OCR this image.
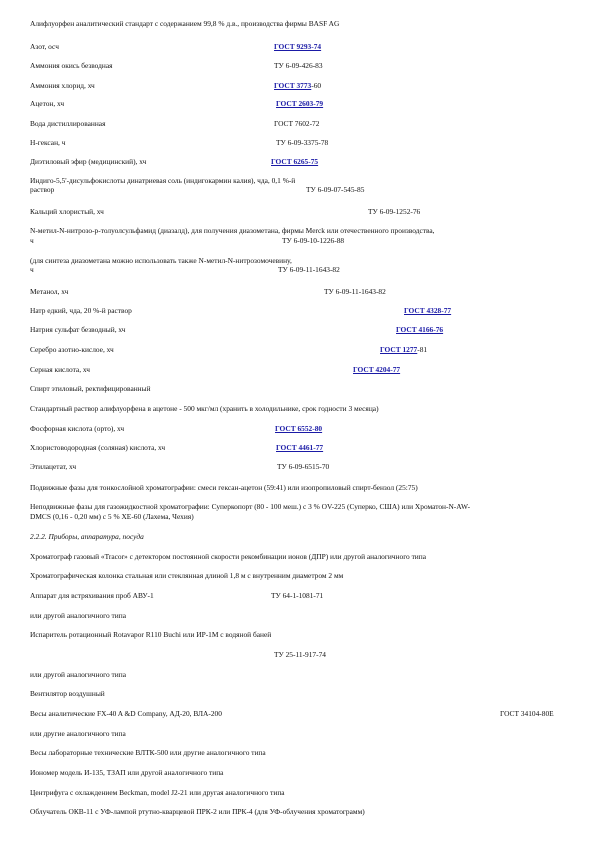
Алифлуорфен аналитический стандарт с содержанием 99,8 % д.в., производства фирмы BASF AG
Азот, осч	ГОСТ 9293-74
Аммония окись безводная	ТУ 6-09-426-83
Аммония хлорид, хч	ГОСТ 3773-60
Ацетон, хч	ГОСТ 2603-79
Вода дистиллированная	ГОСТ 7602-72
Н-гексан, ч	ТУ 6-09-3375-78
Диэтиловый эфир (медицинский), хч	ГОСТ 6265-75
Индиго-5,5'-дисульфокислоты динатриевая соль (индигокармин калия), чда, 0,1 %-й
раствор	ТУ 6-09-07-545-85
Кальций хлористый, хч	ТУ 6-09-1252-76
N-метил-N-нитрозо-p-толуолсульфамид (диазалд), для получения диазометана, фирмы Merck или отечественного производства,
ч	ТУ 6-09-10-1226-88
(для синтеза диазометана можно использовать также N-метил-N-нитрозомочевину,
ч	ТУ 6-09-11-1643-82
Метанол, хч	ТУ 6-09-11-1643-82
Натр едкий, чда, 20 %-й раствор	ГОСТ 4328-77
Натрия сульфат безводный, хч	ГОСТ 4166-76
Серебро азотно-кислое, хч	ГОСТ 1277-81
Серная кислота, хч	ГОСТ 4204-77
Спирт этиловый, ректифицированный
Стандартный раствор алифлуорфена в ацетоне - 500 мкг/мл (хранить в холодильнике, срок годности 3 месяца)
Фосфорная кислота (орто), хч	ГОСТ 6552-80
Хлористоводородная (соляная) кислота, хч	ГОСТ 4461-77
Этилацетат, хч	ТУ 6-09-6515-70
Подвижные фазы для тонкослойной хроматографии: смеси гексан-ацетон (59:41) или изопропиловый спирт-бензол (25:75)
Неподвижные фазы для газожидкостной хроматографии: Суперкопорт (80 - 100 меш.) с 3 % OV-225 (Суперко, США) или Хроматон-N-AW-
DMCS (0,16 - 0,20 мм) с 5 % XE-60 (Лахема, Чехия)
2.2.2. Приборы, аппаратура, посуда
Хроматограф газовый «Tracor» с детектором постоянной скорости рекомбинации ионов (ДПР) или другой аналогичного типа
Хроматографическая колонка стальная или стеклянная длиной 1,8 м с внутренним диаметром 2 мм
Аппарат для встряхивания проб АВУ-1	ТУ 64-1-1081-71
или другой аналогичного типа
Испаритель ротационный Rotavapor R110 Buchi или ИР-1М с водяной баней
ТУ 25-11-917-74
или другой аналогичного типа
Вентилятор воздушный
Весы аналитические FX-40 A &D Company, АД-20, ВЛА-200	ГОСТ 34104-80Е
или другие аналогичного типа
Весы лабораторные технические ВЛТК-500 или другие аналогичного типа
Иономер модель И-135, ТЗАП или другой аналогичного типа
Центрифуга с охлаждением Beckman, model J2-21 или другая аналогичного типа
Облучатель ОКВ-11 с УФ-лампой ртутно-кварцевой ПРК-2 или ПРК-4 (для УФ-облучения хроматограмм)
